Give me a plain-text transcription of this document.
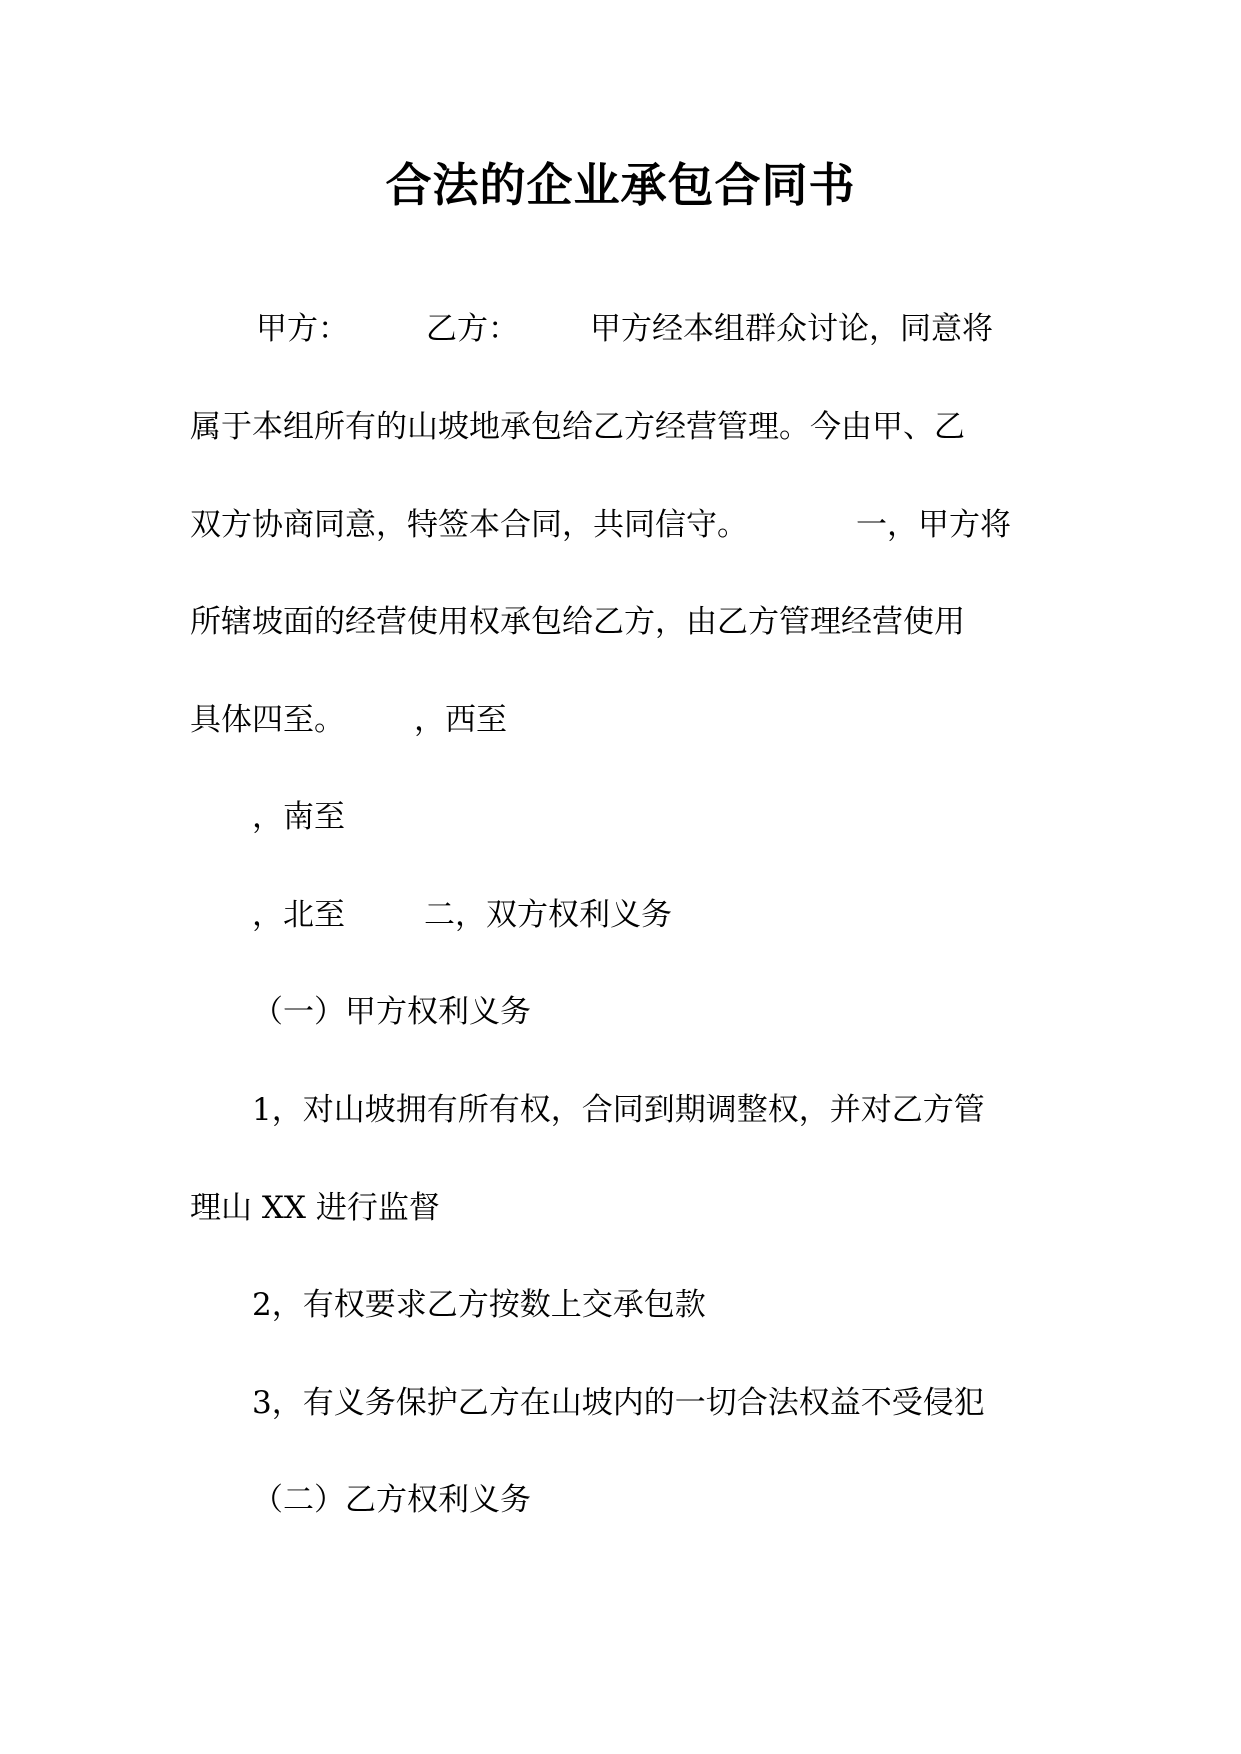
合法的企业承包合同书
甲方： 乙方： 甲方经本组群众讨论，同意将
属于本组所有的山坡地承包给乙方经营管理。今由甲、乙
双方协商同意，特签本合同，共同信守。	一，甲方将
所辖坡面的经营使用权承包给乙方，由乙方管理经营使用
具体四至。 ，西至
，南至
，北至	二，双方权利义务
（一）甲方权利义务
1，对山坡拥有所有权，合同到期调整权，并对乙方管
理山 XX 进行监督
2，有权要求乙方按数上交承包款
3，有义务保护乙方在山坡内的一切合法权益不受侵犯
（二）乙方权利义务
